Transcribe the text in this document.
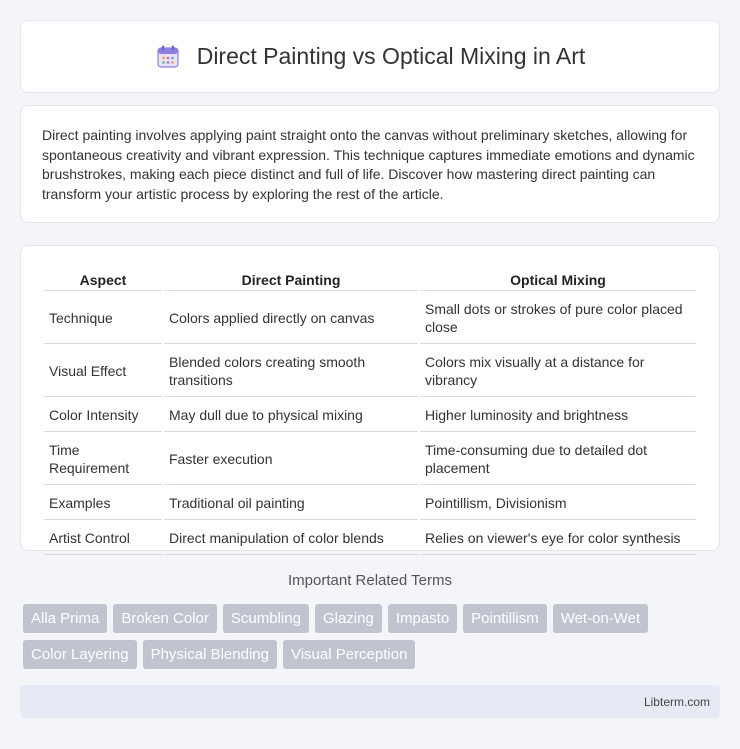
Direct Painting vs Optical Mixing in Art

Direct painting involves applying paint straight onto the canvas without preliminary sketches, allowing for spontaneous creativity and vibrant expression. This technique captures immediate emotions and dynamic brushstrokes, making each piece distinct and full of life. Discover how mastering direct painting can transform your artistic process by exploring the rest of the article.

Aspect	Direct Painting	Optical Mixing
Technique	Colors applied directly on canvas	Small dots or strokes of pure color placed close
Visual Effect	Blended colors creating smooth transitions	Colors mix visually at a distance for vibrancy
Color Intensity	May dull due to physical mixing	Higher luminosity and brightness
Time Requirement	Faster execution	Time-consuming due to detailed dot placement
Examples	Traditional oil painting	Pointillism, Divisionism
Artist Control	Direct manipulation of color blends	Relies on viewer's eye for color synthesis
Important Related Terms
Alla Prima	Broken Color	Scumbling	Glazing	Impasto	Pointillism	Wet-on-Wet
Color Layering	Physical Blending	Visual Perception
Libterm.com
